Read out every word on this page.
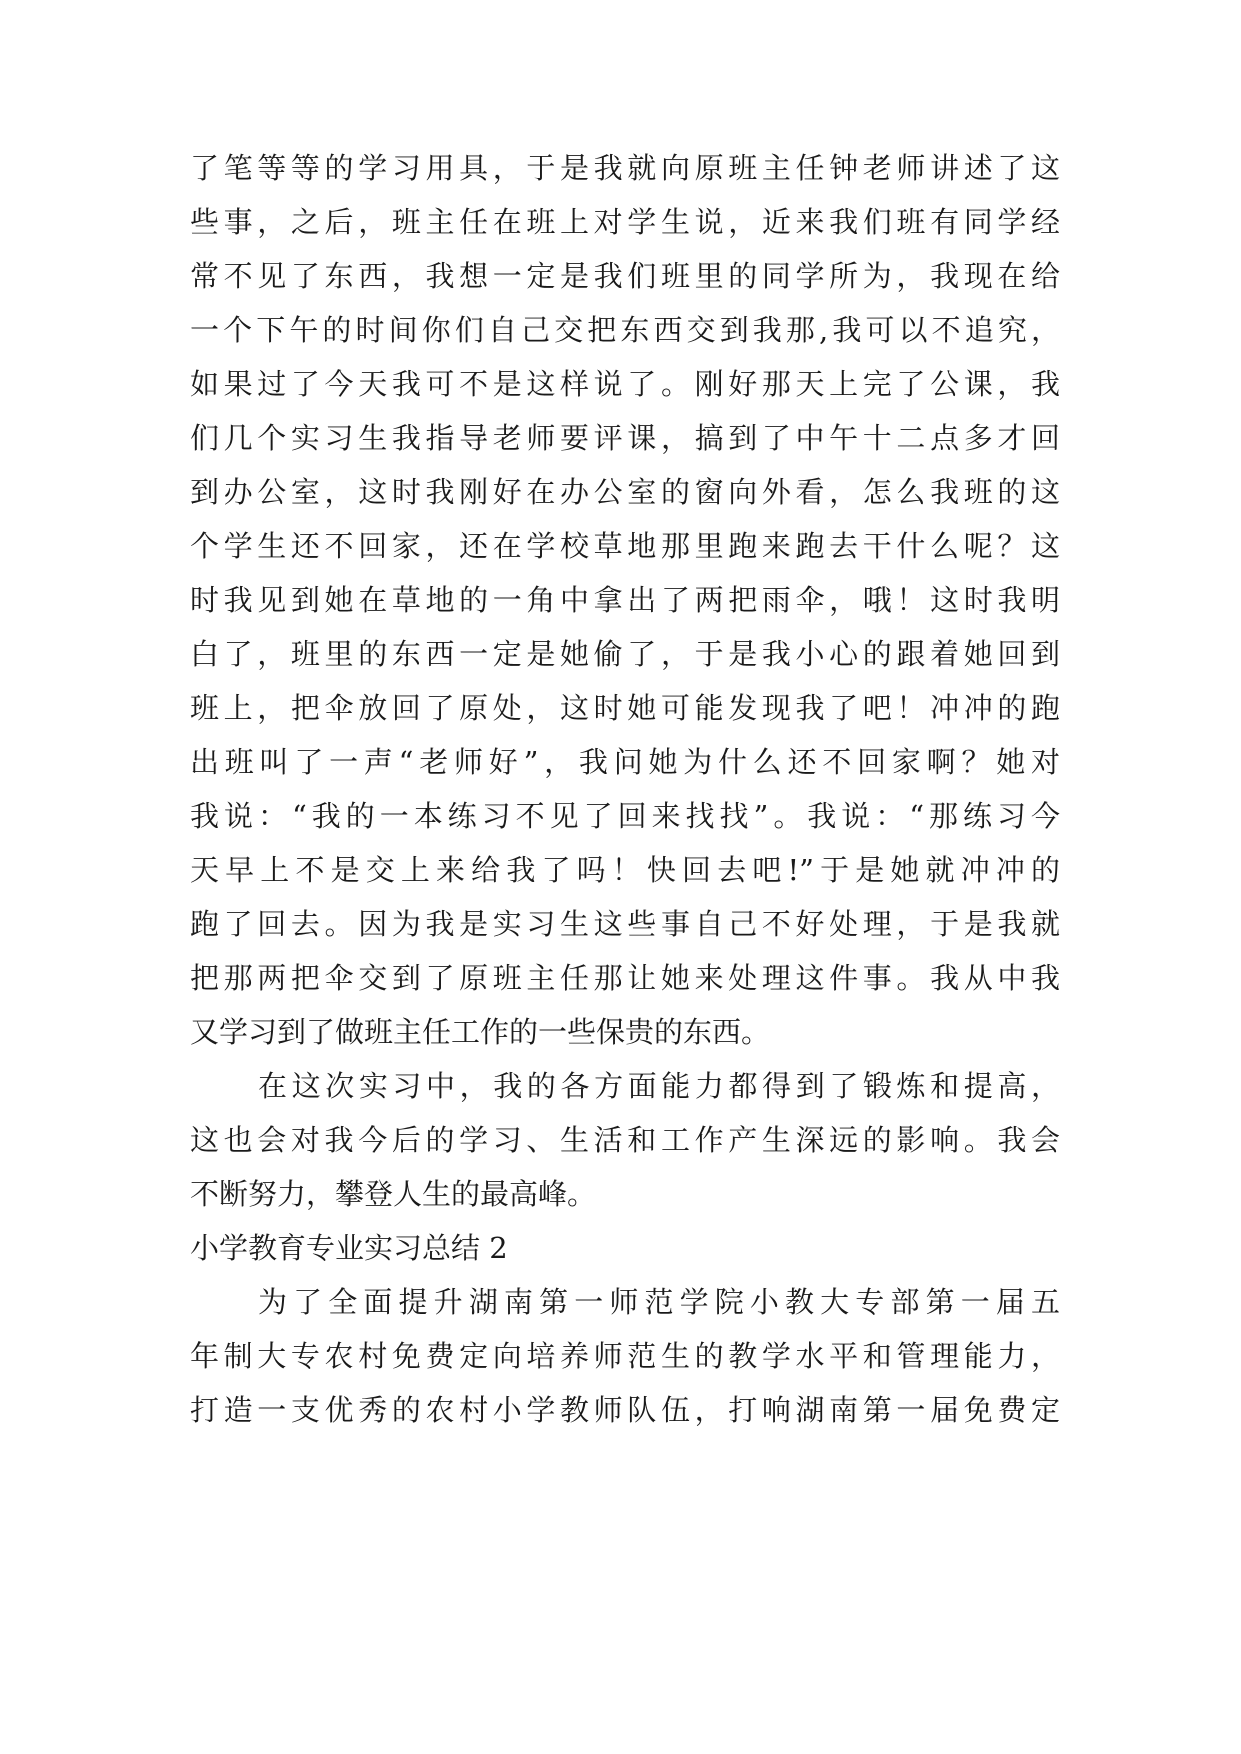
了笔等等的学习用具，于是我就向原班主任钟老师讲述了这
些事，之后，班主任在班上对学生说，近来我们班有同学经
常不见了东西，我想一定是我们班里的同学所为，我现在给
一个下午的时间你们自己交把东西交到我那,我可以不追究，
如果过了今天我可不是这样说了。刚好那天上完了公课，我
们几个实习生我指导老师要评课，搞到了中午十二点多才回
到办公室，这时我刚好在办公室的窗向外看，怎么我班的这
个学生还不回家，还在学校草地那里跑来跑去干什么呢？这
时我见到她在草地的一角中拿出了两把雨伞，哦！这时我明
白了，班里的东西一定是她偷了，于是我小心的跟着她回到
班上，把伞放回了原处，这时她可能发现我了吧！冲冲的跑
出班叫了一声“老师好”，我问她为什么还不回家啊？她对
我说：“我的一本练习不见了回来找找”。我说：“那练习今
天早上不是交上来给我了吗！快回去吧!”于是她就冲冲的
跑了回去。因为我是实习生这些事自己不好处理，于是我就
把那两把伞交到了原班主任那让她来处理这件事。我从中我
又学习到了做班主任工作的一些保贵的东西。
在这次实习中，我的各方面能力都得到了锻炼和提高，
这也会对我今后的学习、生活和工作产生深远的影响。我会
不断努力，攀登人生的最高峰。
小学教育专业实习总结 2
为了全面提升湖南第一师范学院小教大专部第一届五
年制大专农村免费定向培养师范生的教学水平和管理能力，
打造一支优秀的农村小学教师队伍，打响湖南第一届免费定
